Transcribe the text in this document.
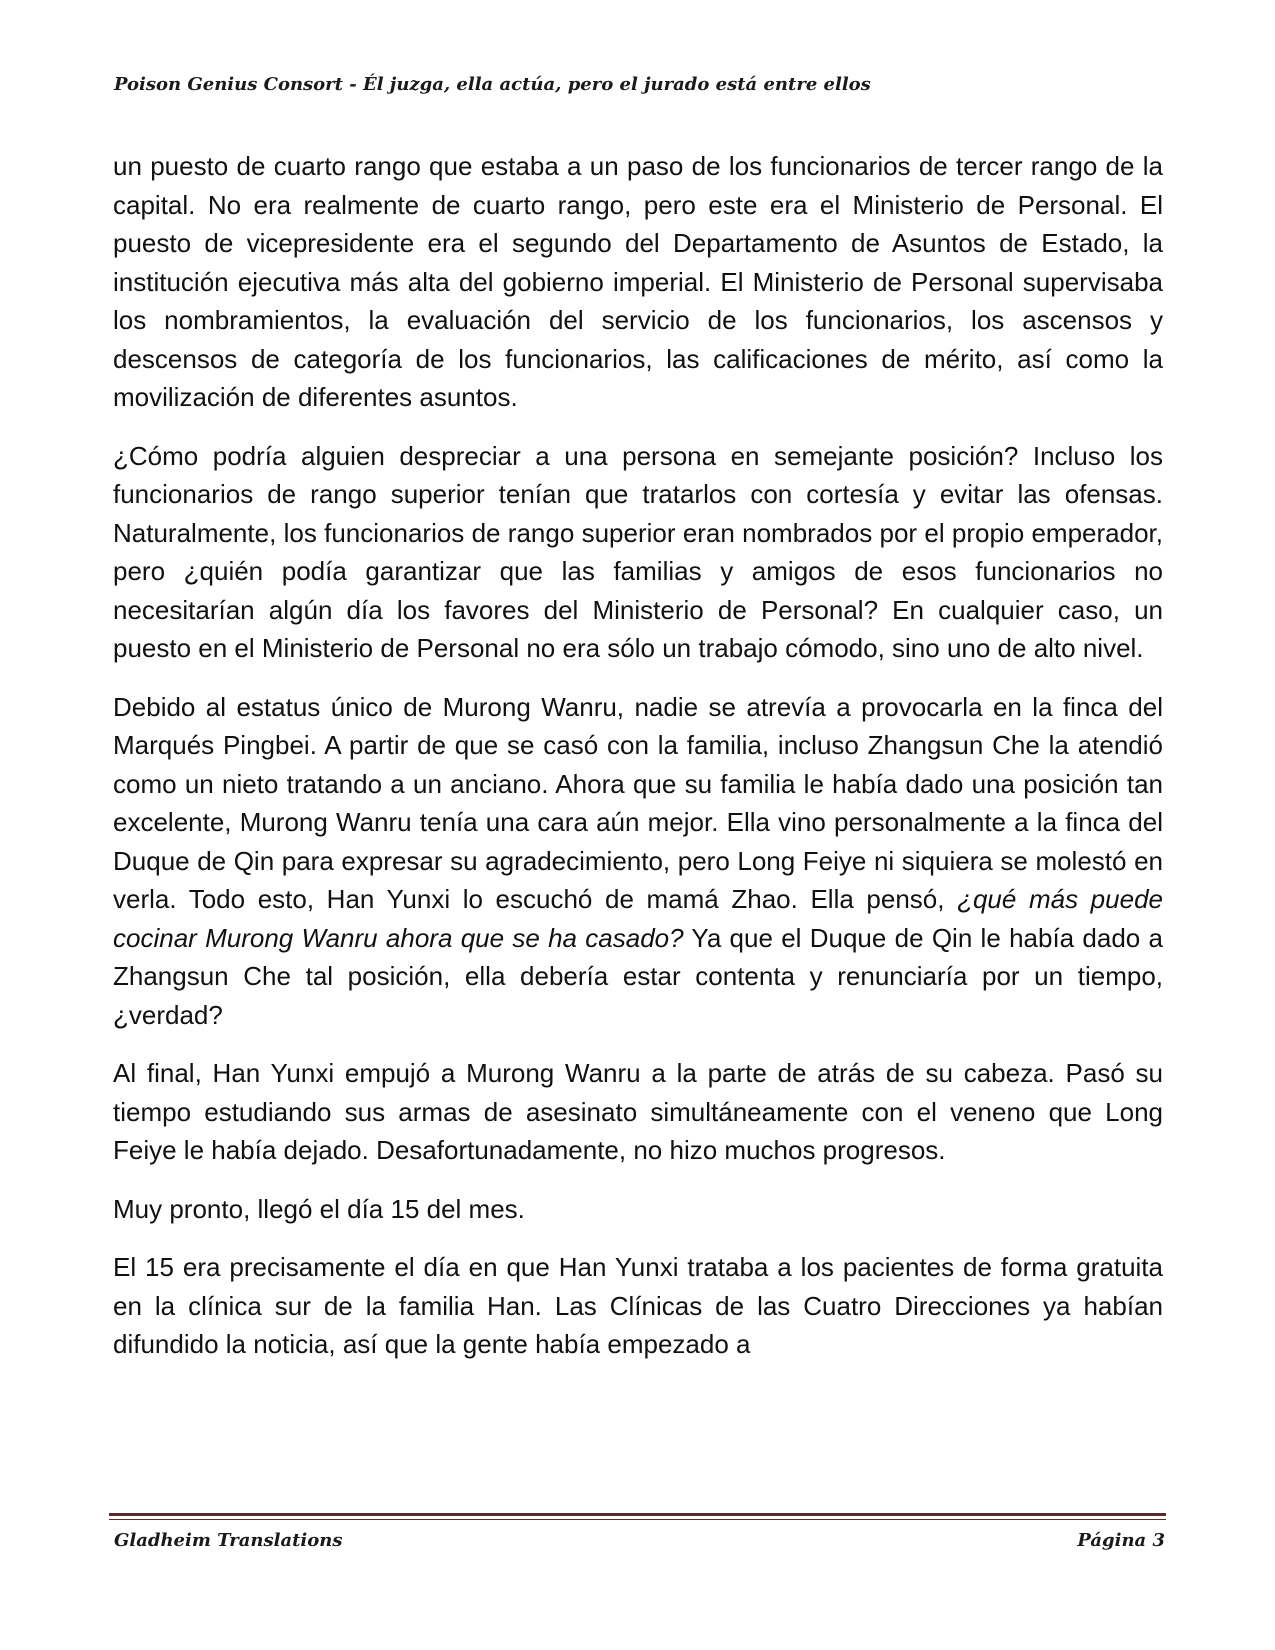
Poison Genius Consort - Él juzga, ella actúa, pero el jurado está entre ellos

un puesto de cuarto rango que estaba a un paso de los funcionarios de tercer rango de la capital. No era realmente de cuarto rango, pero este era el Ministerio de Personal. El puesto de vicepresidente era el segundo del Departamento de Asuntos de Estado, la institución ejecutiva más alta del gobierno imperial. El Ministerio de Personal supervisaba los nombramientos, la evaluación del servicio de los funcionarios, los ascensos y descensos de categoría de los funcionarios, las calificaciones de mérito, así como la movilización de diferentes asuntos.

¿Cómo podría alguien despreciar a una persona en semejante posición? Incluso los funcionarios de rango superior tenían que tratarlos con cortesía y evitar las ofensas. Naturalmente, los funcionarios de rango superior eran nombrados por el propio emperador, pero ¿quién podía garantizar que las familias y amigos de esos funcionarios no necesitarían algún día los favores del Ministerio de Personal? En cualquier caso, un puesto en el Ministerio de Personal no era sólo un trabajo cómodo, sino uno de alto nivel.

Debido al estatus único de Murong Wanru, nadie se atrevía a provocarla en la finca del Marqués Pingbei. A partir de que se casó con la familia, incluso Zhangsun Che la atendió como un nieto tratando a un anciano. Ahora que su familia le había dado una posición tan excelente, Murong Wanru tenía una cara aún mejor. Ella vino personalmente a la finca del Duque de Qin para expresar su agradecimiento, pero Long Feiye ni siquiera se molestó en verla. Todo esto, Han Yunxi lo escuchó de mamá Zhao. Ella pensó, ¿qué más puede cocinar Murong Wanru ahora que se ha casado? Ya que el Duque de Qin le había dado a Zhangsun Che tal posición, ella debería estar contenta y renunciaría por un tiempo, ¿verdad?

Al final, Han Yunxi empujó a Murong Wanru a la parte de atrás de su cabeza. Pasó su tiempo estudiando sus armas de asesinato simultáneamente con el veneno que Long Feiye le había dejado. Desafortunadamente, no hizo muchos progresos.

Muy pronto, llegó el día 15 del mes.

El 15 era precisamente el día en que Han Yunxi trataba a los pacientes de forma gratuita en la clínica sur de la familia Han. Las Clínicas de las Cuatro Direcciones ya habían difundido la noticia, así que la gente había empezado a

Gladheim Translations	Página 3
